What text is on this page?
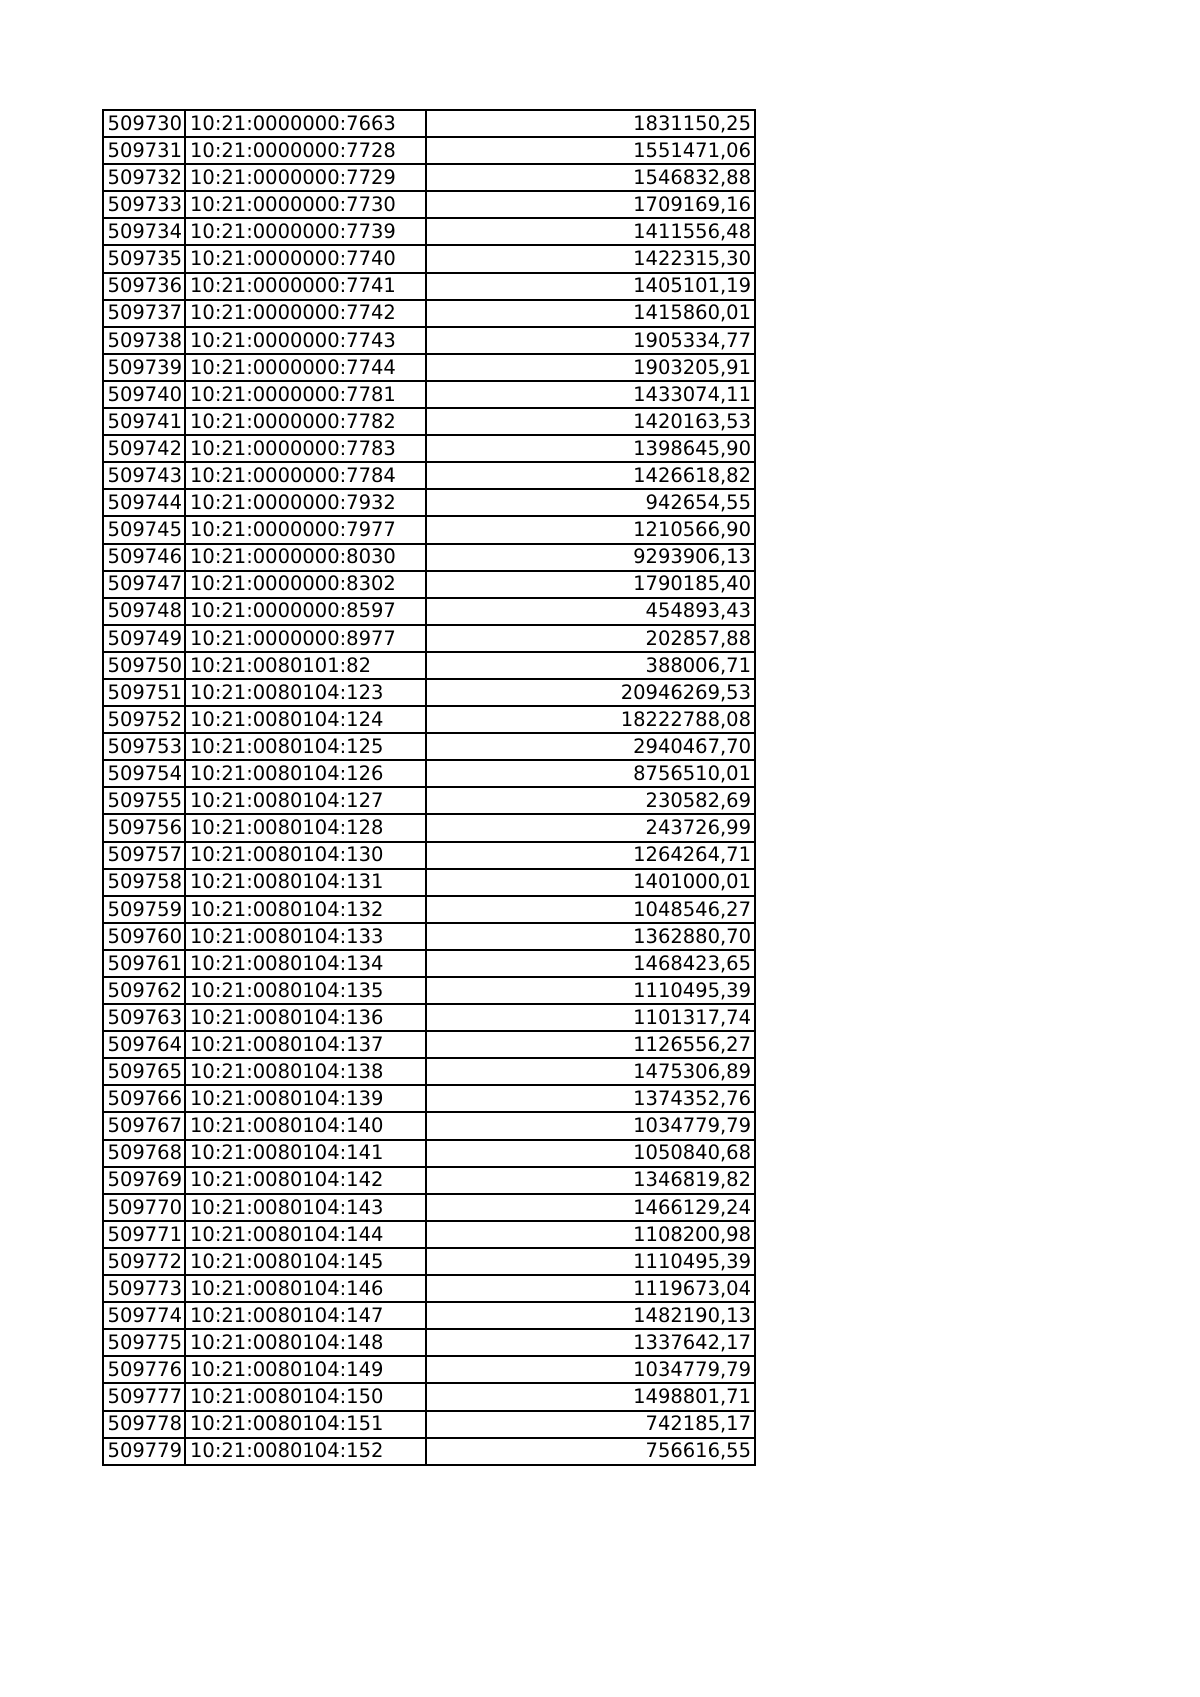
509730	10:21:0000000:7663	1831150,25
509731	10:21:0000000:7728	1551471,06
509732	10:21:0000000:7729	1546832,88
509733	10:21:0000000:7730	1709169,16
509734	10:21:0000000:7739	1411556,48
509735	10:21:0000000:7740	1422315,30
509736	10:21:0000000:7741	1405101,19
509737	10:21:0000000:7742	1415860,01
509738	10:21:0000000:7743	1905334,77
509739	10:21:0000000:7744	1903205,91
509740	10:21:0000000:7781	1433074,11
509741	10:21:0000000:7782	1420163,53
509742	10:21:0000000:7783	1398645,90
509743	10:21:0000000:7784	1426618,82
509744	10:21:0000000:7932	942654,55
509745	10:21:0000000:7977	1210566,90
509746	10:21:0000000:8030	9293906,13
509747	10:21:0000000:8302	1790185,40
509748	10:21:0000000:8597	454893,43
509749	10:21:0000000:8977	202857,88
509750	10:21:0080101:82	388006,71
509751	10:21:0080104:123	20946269,53
509752	10:21:0080104:124	18222788,08
509753	10:21:0080104:125	2940467,70
509754	10:21:0080104:126	8756510,01
509755	10:21:0080104:127	230582,69
509756	10:21:0080104:128	243726,99
509757	10:21:0080104:130	1264264,71
509758	10:21:0080104:131	1401000,01
509759	10:21:0080104:132	1048546,27
509760	10:21:0080104:133	1362880,70
509761	10:21:0080104:134	1468423,65
509762	10:21:0080104:135	1110495,39
509763	10:21:0080104:136	1101317,74
509764	10:21:0080104:137	1126556,27
509765	10:21:0080104:138	1475306,89
509766	10:21:0080104:139	1374352,76
509767	10:21:0080104:140	1034779,79
509768	10:21:0080104:141	1050840,68
509769	10:21:0080104:142	1346819,82
509770	10:21:0080104:143	1466129,24
509771	10:21:0080104:144	1108200,98
509772	10:21:0080104:145	1110495,39
509773	10:21:0080104:146	1119673,04
509774	10:21:0080104:147	1482190,13
509775	10:21:0080104:148	1337642,17
509776	10:21:0080104:149	1034779,79
509777	10:21:0080104:150	1498801,71
509778	10:21:0080104:151	742185,17
509779	10:21:0080104:152	756616,55
